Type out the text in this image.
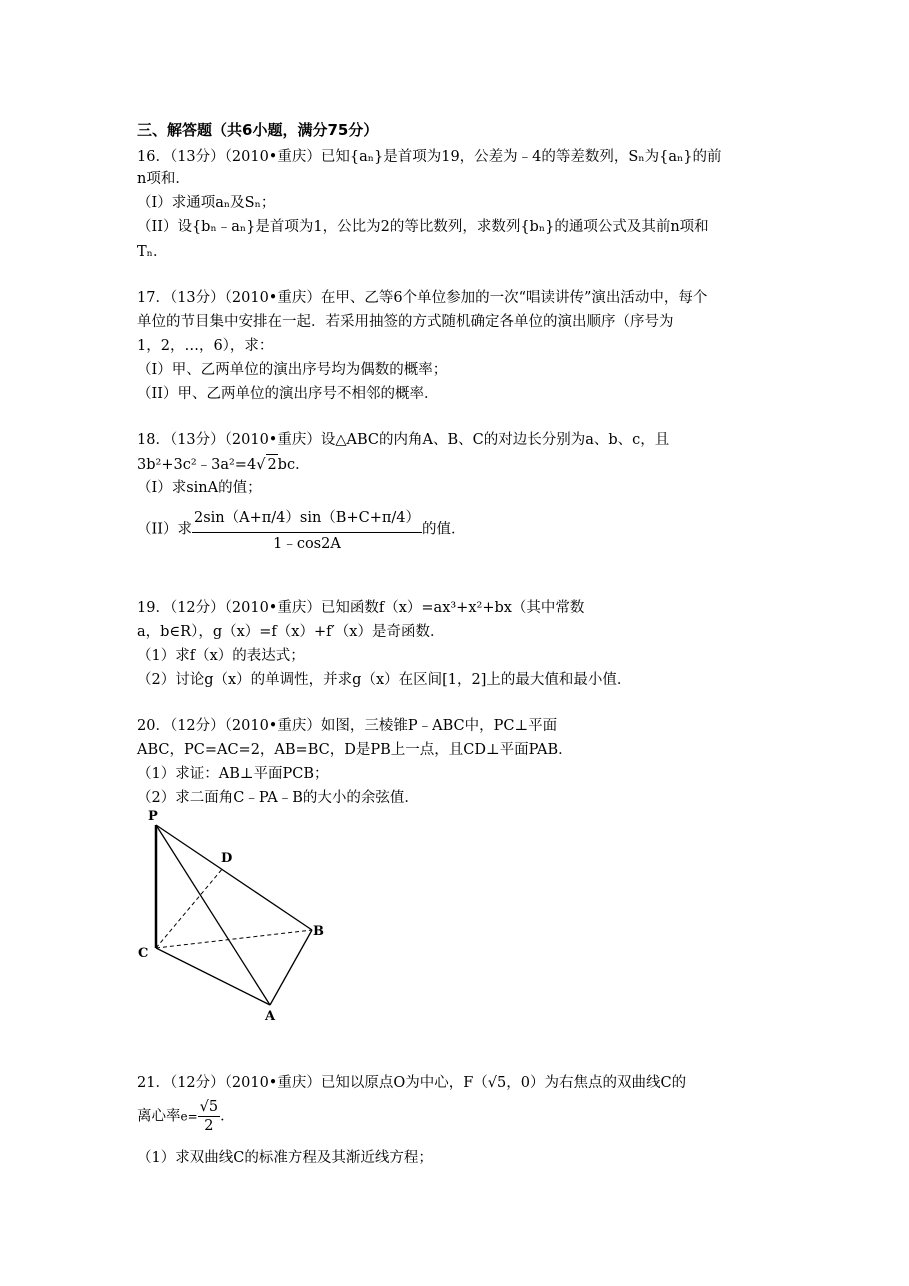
三、解答题（共6小题，满分75分）
16．（13分）（2010•重庆）已知{aₙ}是首项为19，公差为﹣4的等差数列，Sₙ为{aₙ}的前
n项和．
（I）求通项aₙ及Sₙ；
（II）设{bₙ﹣aₙ}是首项为1，公比为2的等比数列，求数列{bₙ}的通项公式及其前n项和
Tₙ．
17．（13分）（2010•重庆）在甲、乙等6个单位参加的一次“唱读讲传”演出活动中，每个
单位的节目集中安排在一起．若采用抽签的方式随机确定各单位的演出顺序（序号为
1，2，…，6），求：
（I）甲、乙两单位的演出序号均为偶数的概率；
（II）甲、乙两单位的演出序号不相邻的概率．
18．（13分）（2010•重庆）设△ABC的内角A、B、C的对边长分别为a、b、c，且
3b²+3c²﹣3a²=4√ 2bc．
（I）求sinA的值；
（II）求 $\frac{2\sin(A+\pi/4)\sin(B+C+\pi/4)}{1﹣\cos 2A}$ 的值．
19．（12分）（2010•重庆）已知函数f（x）=ax³+x²+bx（其中常数
a，b∈R），g（x）=f（x）+f′（x）是奇函数．
（1）求f（x）的表达式；
（2）讨论g（x）的单调性，并求g（x）在区间[1，2]上的最大值和最小值．
20．（12分）（2010•重庆）如图，三棱锥P﹣ABC中，PC⊥平面
ABC，PC=AC=2，AB=BC，D是PB上一点，且CD⊥平面PAB．
（1）求证：AB⊥平面PCB；
（2）求二面角C﹣PA﹣B的大小的余弦值．
P
D
B
C
A
21．（12分）（2010•重庆）已知以原点O为中心，F（√5，0）为右焦点的双曲线C的
离心率$e= \frac{√5}{2}$ ．
（1）求双曲线C的标准方程及其渐近线方程；
